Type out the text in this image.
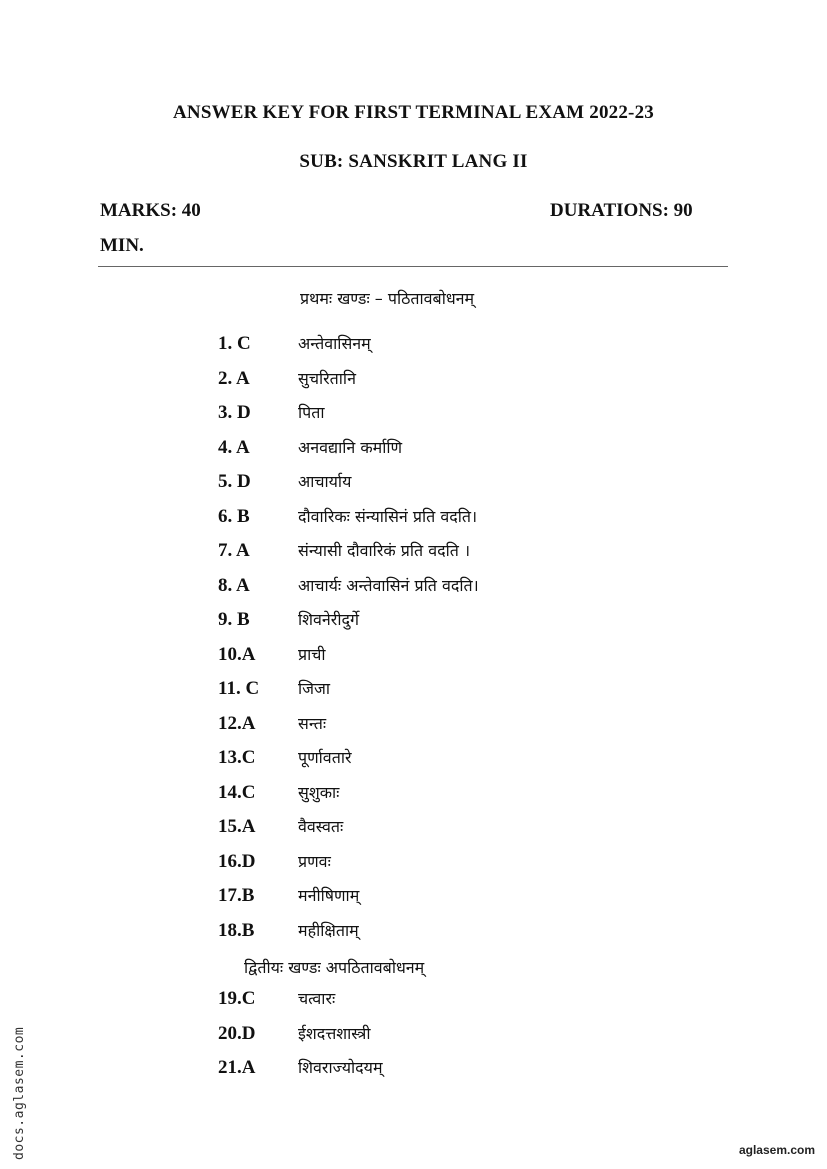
ANSWER KEY FOR FIRST TERMINAL EXAM 2022-23
SUB: SANSKRIT LANG II
MARKS: 40	DURATIONS: 90
MIN.
प्रथमः खण्डः – पठितावबोधनम्
1. C	अन्तेवासिनम्
2. A	सुचरितानि
3. D	पिता
4. A	अनवद्यानि कर्माणि
5. D	आचार्याय
6. B	दौवारिकः संन्यासिनं प्रति वदति।
7. A	संन्यासी दौवारिकं प्रति वदति ।
8. A	आचार्यः अन्तेवासिनं प्रति वदति।
9. B	शिवनेरीदुर्गे
10.A	प्राची
11. C	जिजा
12.A	सन्तः
13.C	पूर्णावतारे
14.C	सुशुकाः
15.A	वैवस्वतः
16.D	प्रणवः
17.B	मनीषिणाम्
18.B	महीक्षिताम्
द्वितीयः खण्डः अपठितावबोधनम्
19.C	चत्वारः
20.D	ईशदत्तशास्त्री
21.A	शिवराज्योदयम्
docs.aglasem.com	aglasem.com
